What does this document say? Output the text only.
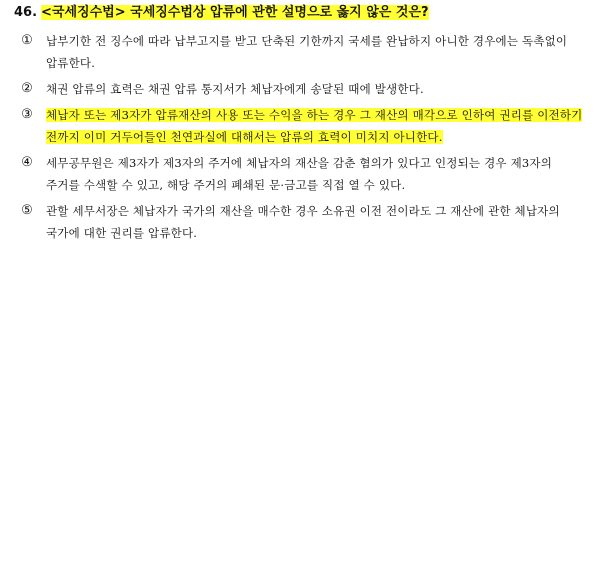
46. <국세징수법> 국세징수법상 압류에 관한 설명으로 옳지 않은 것은?
①	납부기한 전 징수에 따라 납부고지를 받고 단축된 기한까지 국세를 완납하지 아니한 경우에는 독촉없이 압류한다.
②	채권 압류의 효력은 채권 압류 통지서가 체납자에게 송달된 때에 발생한다.
③	체납자 또는 제3자가 압류재산의 사용 또는 수익을 하는 경우 그 재산의 매각으로 인하여 권리를 이전하기 전까지 이미 거두어들인 천연과실에 대해서는 압류의 효력이 미치지 아니한다.
④	세무공무원은 제3자가 제3자의 주거에 체납자의 재산을 감춘 혐의가 있다고 인정되는 경우 제3자의 주거를 수색할 수 있고, 해당 주거의 폐쇄된 문·금고를 직접 열 수 있다.
⑤	관할 세무서장은 체납자가 국가의 재산을 매수한 경우 소유권 이전 전이라도 그 재산에 관한 체납자의 국가에 대한 권리를 압류한다.
